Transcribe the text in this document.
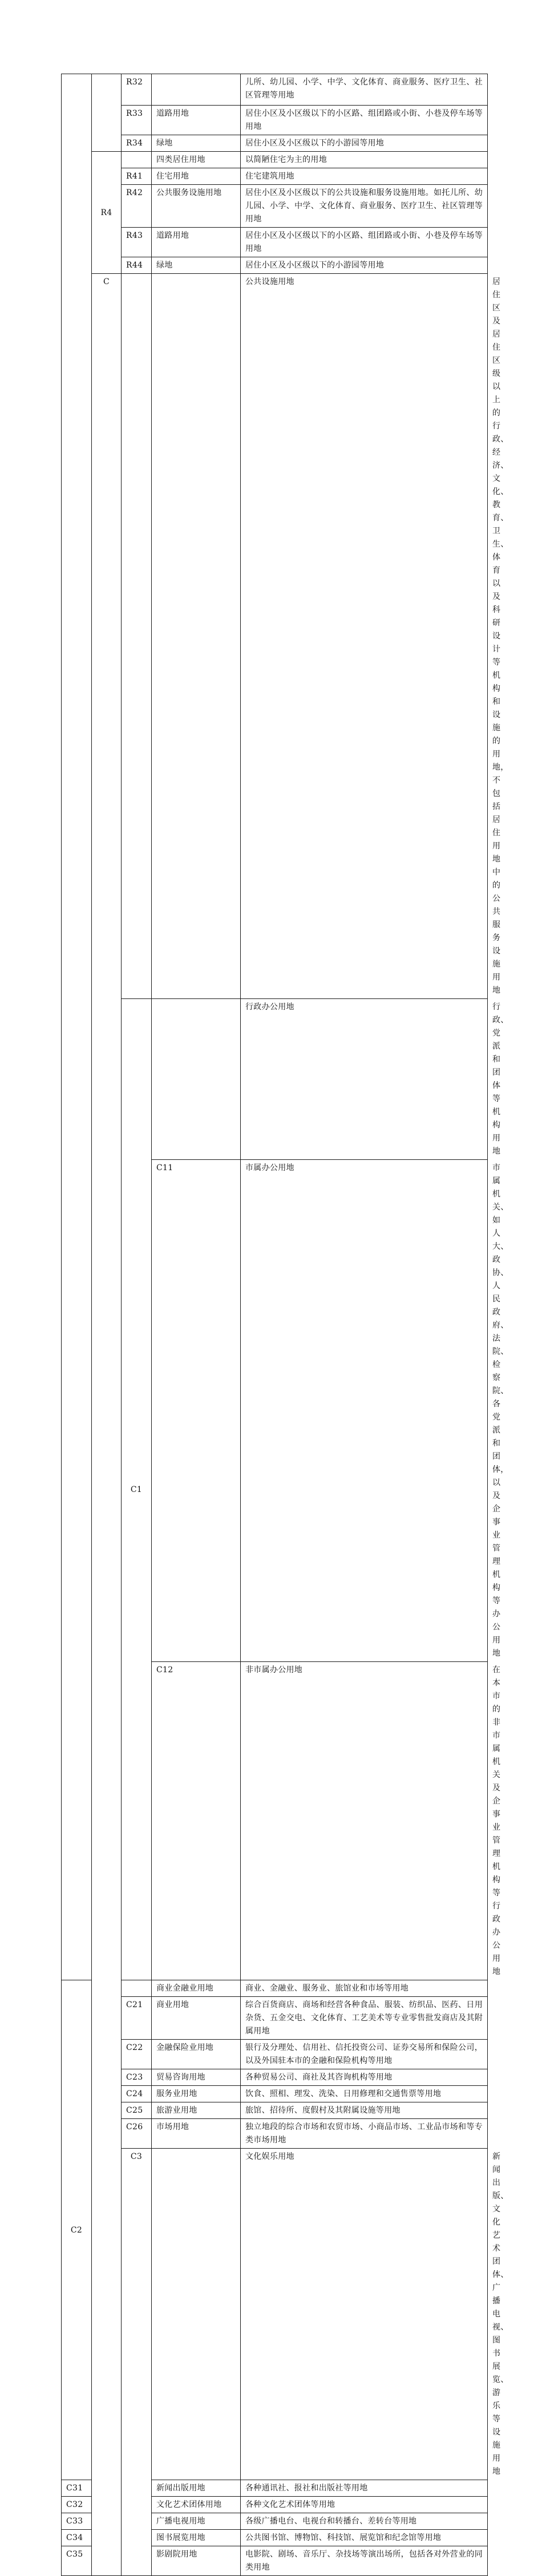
		R32		儿所、幼儿园、小学、中学、文化体育、商业服务、医疗卫生、社区管理等用地	
		R33	道路用地	居住小区及小区级以下的小区路、组团路或小街、小巷及停车场等用地	
		R34	绿地	居住小区及小区级以下的小游园等用地	
	R4		四类居住用地	以简陋住宅为主的用地	
		R41	住宅用地	住宅建筑用地	
		R42	公共服务设施用地	居住小区及小区级以下的公共设施和服务设施用地。如托儿所、幼儿园、小学、中学、文化体育、商业服务、医疗卫生、社区管理等用地	
		R43	道路用地	居住小区及小区级以下的小区路、组团路或小街、小巷及停车场等用地	
		R44	绿地	居住小区及小区级以下的小游园等用地	
	C			公共设施用地	居住区及居住区级以上的行政、经济、文化、教育、卫生、体育以及科研设计等机构和设施的用地，不包括居住用地中的公共服务设施用地
		C1		行政办公用地	行政、党派和团体等机构用地
			C11	市属办公用地	市属机关、如人大、政协、人民政府、法院、检察院、各党派和团体，以及企事业管理机构等办公用地
			C12	非市属办公用地	在本市的非市属机关及企事业管理机构等行政办公用地
C2			商业金融业用地	商业、金融业、服务业、旅馆业和市场等用地	
		C21	商业用地	综合百货商店、商场和经营各种食品、服装、纺织品、医药、日用杂货、五金交电、文化体育、工艺美术等专业零售批发商店及其附属用地	
		C22	金融保险业用地	银行及分理处、信用社、信托投资公司、证券交易所和保险公司，以及外国驻本市的金融和保险机构等用地	
		C23	贸易咨询用地	各种贸易公司、商社及其咨询机构等用地	
		C24	服务业用地	饮食、照相、理发、洗染、日用修理和交通售票等用地	
		C25	旅游业用地	旅馆、招待所、度假村及其附属设施等用地	
		C26	市场用地	独立地段的综合市场和农贸市场、小商品市场、工业品市场和等专类市场用地	
		C3		文化娱乐用地	新闻出版、文化艺术团体、广播电视、图书展览、游乐等设施用地
C31			新闻出版用地	各种通讯社、报社和出版社等用地	
C32			文化艺术团体用地	各种文化艺术团体等用地	
C33			广播电视用地	各级广播电台、电视台和转播台、差转台等用地	
C34			图书展览用地	公共图书馆、博物馆、科技馆、展览馆和纪念馆等用地	
C35			影剧院用地	电影院、剧场、音乐厅、杂技场等演出场所，包括各对外营业的同类用地	
